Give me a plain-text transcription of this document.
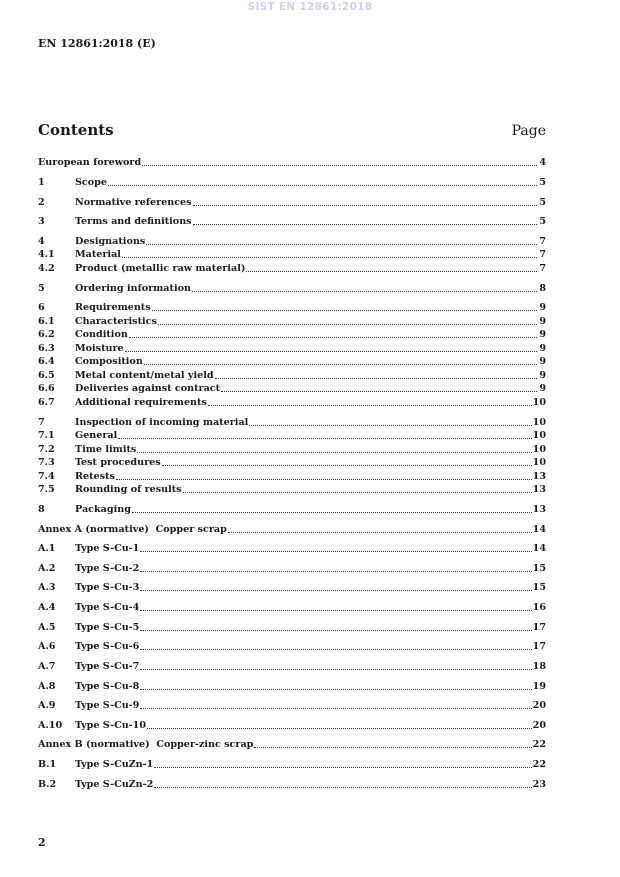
SIST EN 12861:2018
EN 12861:2018 (E)
Contents	Page
European foreword	4
1	Scope	5
2	Normative references	5
3	Terms and definitions	5
4	Designations	7
4.1	Material	7
4.2	Product (metallic raw material)	7
5	Ordering information	8
6	Requirements	9
6.1	Characteristics	9
6.2	Condition	9
6.3	Moisture	9
6.4	Composition	9
6.5	Metal content/metal yield	9
6.6	Deliveries against contract	9
6.7	Additional requirements	10
7	Inspection of incoming material	10
7.1	General	10
7.2	Time limits	10
7.3	Test procedures	10
7.4	Retests	13
7.5	Rounding of results	13
8	Packaging	13
Annex A (normative)  Copper scrap	14
A.1	Type S-Cu-1	14
A.2	Type S-Cu-2	15
A.3	Type S-Cu-3	15
A.4	Type S-Cu-4	16
A.5	Type S-Cu-5	17
A.6	Type S-Cu-6	17
A.7	Type S-Cu-7	18
A.8	Type S-Cu-8	19
A.9	Type S-Cu-9	20
A.10	Type S-Cu-10	20
Annex B (normative)  Copper-zinc scrap	22
B.1	Type S-CuZn-1	22
B.2	Type S-CuZn-2	23
2
